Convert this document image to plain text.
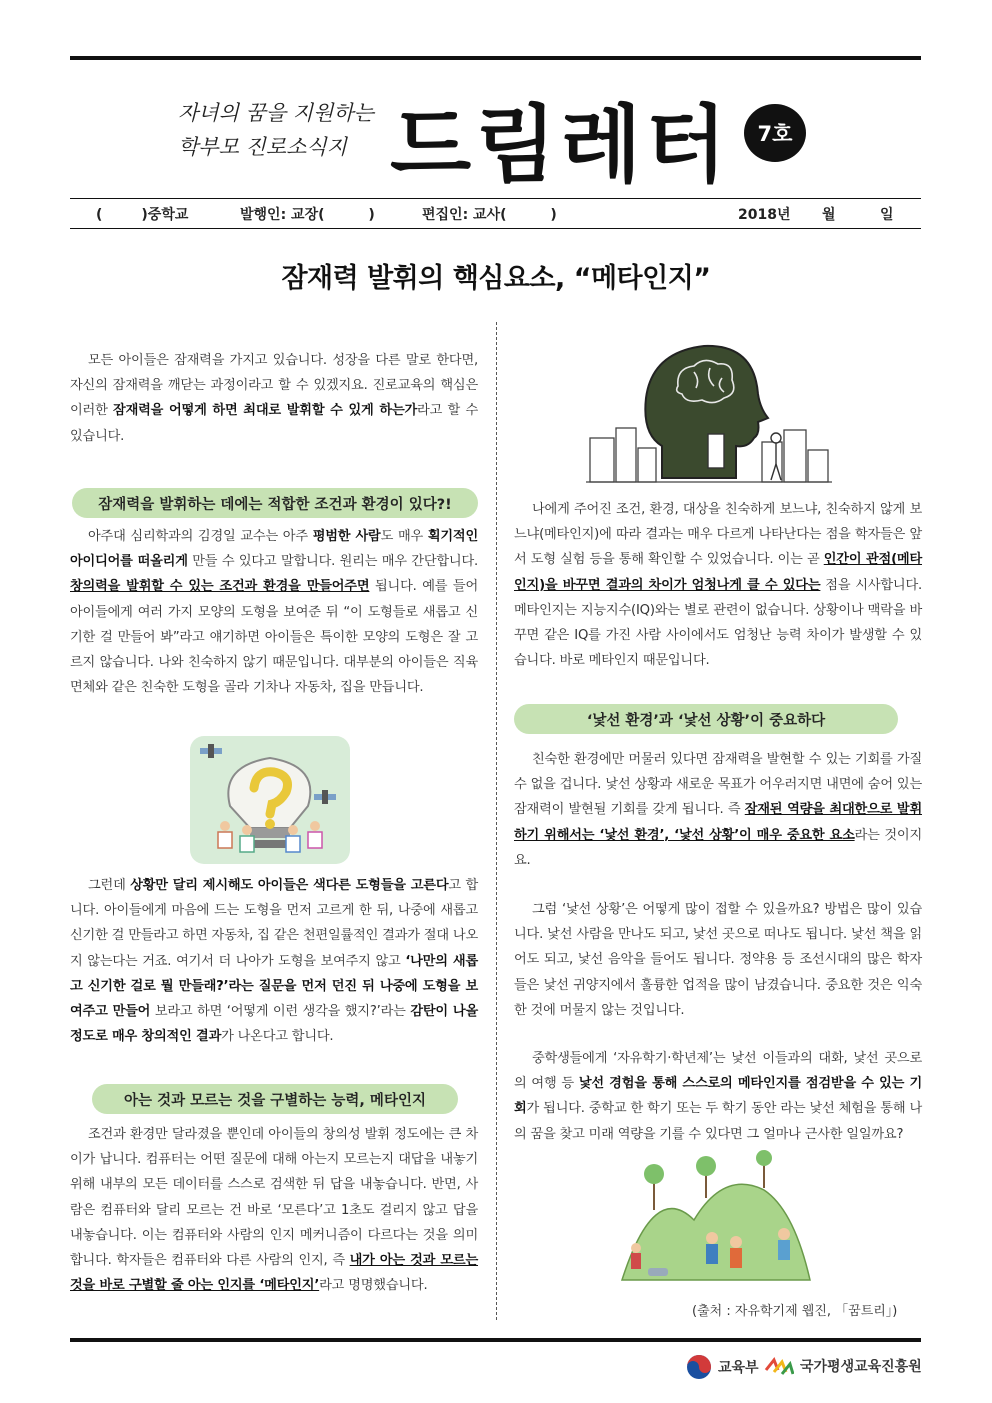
자녀의 꿈을 지원하는
학부모 진로소식지 드림레터	7호
(        )중학교	발행인: 교장(         )	편집인: 교사(         )	2018년 월	일
잠재력 발휘의 핵심요소, “메타인지”

모든 아이들은 잠재력을 가지고 있습니다. 성장을 다른 말로 한다면, 자신의 잠재력을 깨닫는 과정이라고 할 수 있겠지요. 진로교육의 핵심은 이러한 잠재력을 어떻게 하면 최대로 발휘할 수 있게 하는가라고 할 수 있습니다.

잠재력을 발휘하는 데에는 적합한 조건과 환경이 있다?!

아주대 심리학과의 김경일 교수는 아주 평범한 사람도 매우 획기적인 아이디어를 떠올리게 만들 수 있다고 말합니다. 원리는 매우 간단합니다. 창의력을 발휘할 수 있는 조건과 환경을 만들어주면 됩니다. 예를 들어 아이들에게 여러 가지 모양의 도형을 보여준 뒤 “이 도형들로 새롭고 신기한 걸 만들어 봐”라고 얘기하면 아이들은 특이한 모양의 도형은 잘 고르지 않습니다. 나와 친숙하지 않기 때문입니다. 대부분의 아이들은 직육면체와 같은 친숙한 도형을 골라 기차나 자동차, 집을 만듭니다.

그런데 상황만 달리 제시해도 아이들은 색다른 도형들을 고른다고 합니다. 아이들에게 마음에 드는 도형을 먼저 고르게 한 뒤, 나중에 새롭고 신기한 걸 만들라고 하면 자동차, 집 같은 천편일률적인 결과가 절대 나오지 않는다는 거죠. 여기서 더 나아가 도형을 보여주지 않고 ‘나만의 새롭고 신기한 걸로 뭘 만들래?’라는 질문을 먼저 던진 뒤 나중에 도형을 보여주고 만들어 보라고 하면 ‘어떻게 이런 생각을 했지?’라는 감탄이 나올 정도로 매우 창의적인 결과가 나온다고 합니다.

아는 것과 모르는 것을 구별하는 능력, 메타인지

조건과 환경만 달라졌을 뿐인데 아이들의 창의성 발휘 정도에는 큰 차이가 납니다. 컴퓨터는 어떤 질문에 대해 아는지 모르는지 대답을 내놓기 위해 내부의 모든 데이터를 스스로 검색한 뒤 답을 내놓습니다. 반면, 사람은 컴퓨터와 달리 모르는 건 바로 ‘모른다’고 1초도 걸리지 않고 답을 내놓습니다. 이는 컴퓨터와 사람의 인지 메커니즘이 다르다는 것을 의미합니다. 학자들은 컴퓨터와 다른 사람의 인지, 즉 내가 아는 것과 모르는 것을 바로 구별할 줄 아는 인지를 ‘메타인지’라고 명명했습니다.

나에게 주어진 조건, 환경, 대상을 친숙하게 보느냐, 친숙하지 않게 보느냐(메타인지)에 따라 결과는 매우 다르게 나타난다는 점을 학자들은 앞서 도형 실험 등을 통해 확인할 수 있었습니다. 이는 곧 인간이 관점(메타인지)을 바꾸면 결과의 차이가 엄청나게 클 수 있다는 점을 시사합니다. 메타인지는 지능지수(IQ)와는 별로 관련이 없습니다. 상황이나 맥락을 바꾸면 같은 IQ를 가진 사람 사이에서도 엄청난 능력 차이가 발생할 수 있습니다. 바로 메타인지 때문입니다.

‘낯선 환경’과 ‘낯선 상황’이 중요하다

친숙한 환경에만 머물러 있다면 잠재력을 발현할 수 있는 기회를 가질 수 없을 겁니다. 낯선 상황과 새로운 목표가 어우러지면 내면에 숨어 있는 잠재력이 발현될 기회를 갖게 됩니다. 즉 잠재된 역량을 최대한으로 발휘하기 위해서는 ‘낯선 환경’, ‘낯선 상황’이 매우 중요한 요소라는 것이지요.

그럼 ‘낯선 상황’은 어떻게 많이 접할 수 있을까요? 방법은 많이 있습니다. 낯선 사람을 만나도 되고, 낯선 곳으로 떠나도 됩니다. 낯선 책을 읽어도 되고, 낯선 음악을 들어도 됩니다. 정약용 등 조선시대의 많은 학자들은 낯선 귀양지에서 훌륭한 업적을 많이 남겼습니다. 중요한 것은 익숙한 것에 머물지 않는 것입니다.

중학생들에게 ‘자유학기·학년제’는 낯선 이들과의 대화, 낯선 곳으로의 여행 등 낯선 경험을 통해 스스로의 메타인지를 점검받을 수 있는 기회가 됩니다. 중학교 한 학기 또는 두 학기 동안 라는 낯선 체험을 통해 나의 꿈을 찾고 미래 역량을 기를 수 있다면 그 얼마나 근사한 일일까요?

(출처 : 자유학기제 웹진, 「꿈트리」)
교육부	국가평생교육진흥원
